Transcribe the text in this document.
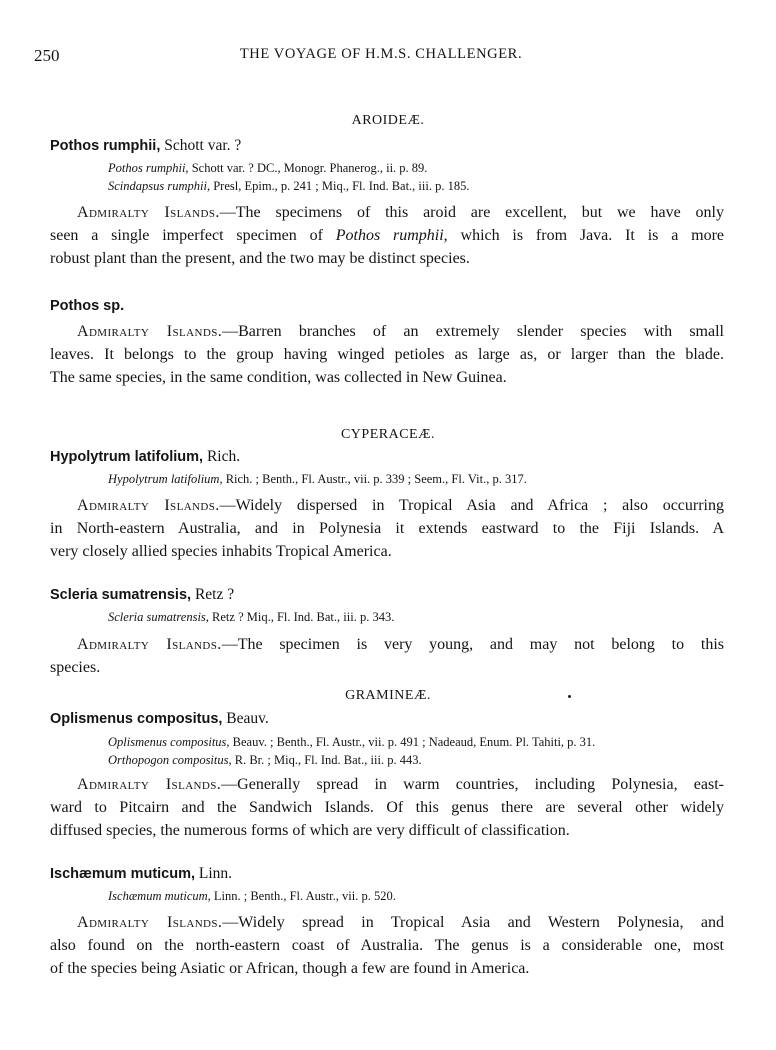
250	THE VOYAGE OF H.M.S. CHALLENGER.
AROIDEÆ.
Pothos rumphii, Schott var. ?
Pothos rumphii, Schott var. ? DC., Monogr. Phanerog., ii. p. 89.
Scindapsus rumphii, Presl, Epim., p. 241 ; Miq., Fl. Ind. Bat., iii. p. 185.
Admiralty Islands.—The specimens of this aroid are excellent, but we have only
seen a single imperfect specimen of Pothos rumphii, which is from Java. It is a more
robust plant than the present, and the two may be distinct species.
Pothos sp.
Admiralty Islands.—Barren branches of an extremely slender species with small
leaves. It belongs to the group having winged petioles as large as, or larger than the blade.
The same species, in the same condition, was collected in New Guinea.
CYPERACEÆ.
Hypolytrum latifolium, Rich.
Hypolytrum latifolium, Rich. ; Benth., Fl. Austr., vii. p. 339 ; Seem., Fl. Vit., p. 317.
Admiralty Islands.—Widely dispersed in Tropical Asia and Africa ; also occurring
in North-eastern Australia, and in Polynesia it extends eastward to the Fiji Islands. A
very closely allied species inhabits Tropical America.
Scleria sumatrensis, Retz ?
Scleria sumatrensis, Retz ? Miq., Fl. Ind. Bat., iii. p. 343.
Admiralty Islands.—The specimen is very young, and may not belong to this
species.
GRAMINEÆ.
Oplismenus compositus, Beauv.
Oplismenus compositus, Beauv. ; Benth., Fl. Austr., vii. p. 491 ; Nadeaud, Enum. Pl. Tahiti, p. 31.
Orthopogon compositus, R. Br. ; Miq., Fl. Ind. Bat., iii. p. 443.
Admiralty Islands.—Generally spread in warm countries, including Polynesia, east-
ward to Pitcairn and the Sandwich Islands. Of this genus there are several other widely
diffused species, the numerous forms of which are very difficult of classification.
Ischæmum muticum, Linn.
Ischæmum muticum, Linn. ; Benth., Fl. Austr., vii. p. 520.
Admiralty Islands.—Widely spread in Tropical Asia and Western Polynesia, and
also found on the north-eastern coast of Australia. The genus is a considerable one, most
of the species being Asiatic or African, though a few are found in America.
